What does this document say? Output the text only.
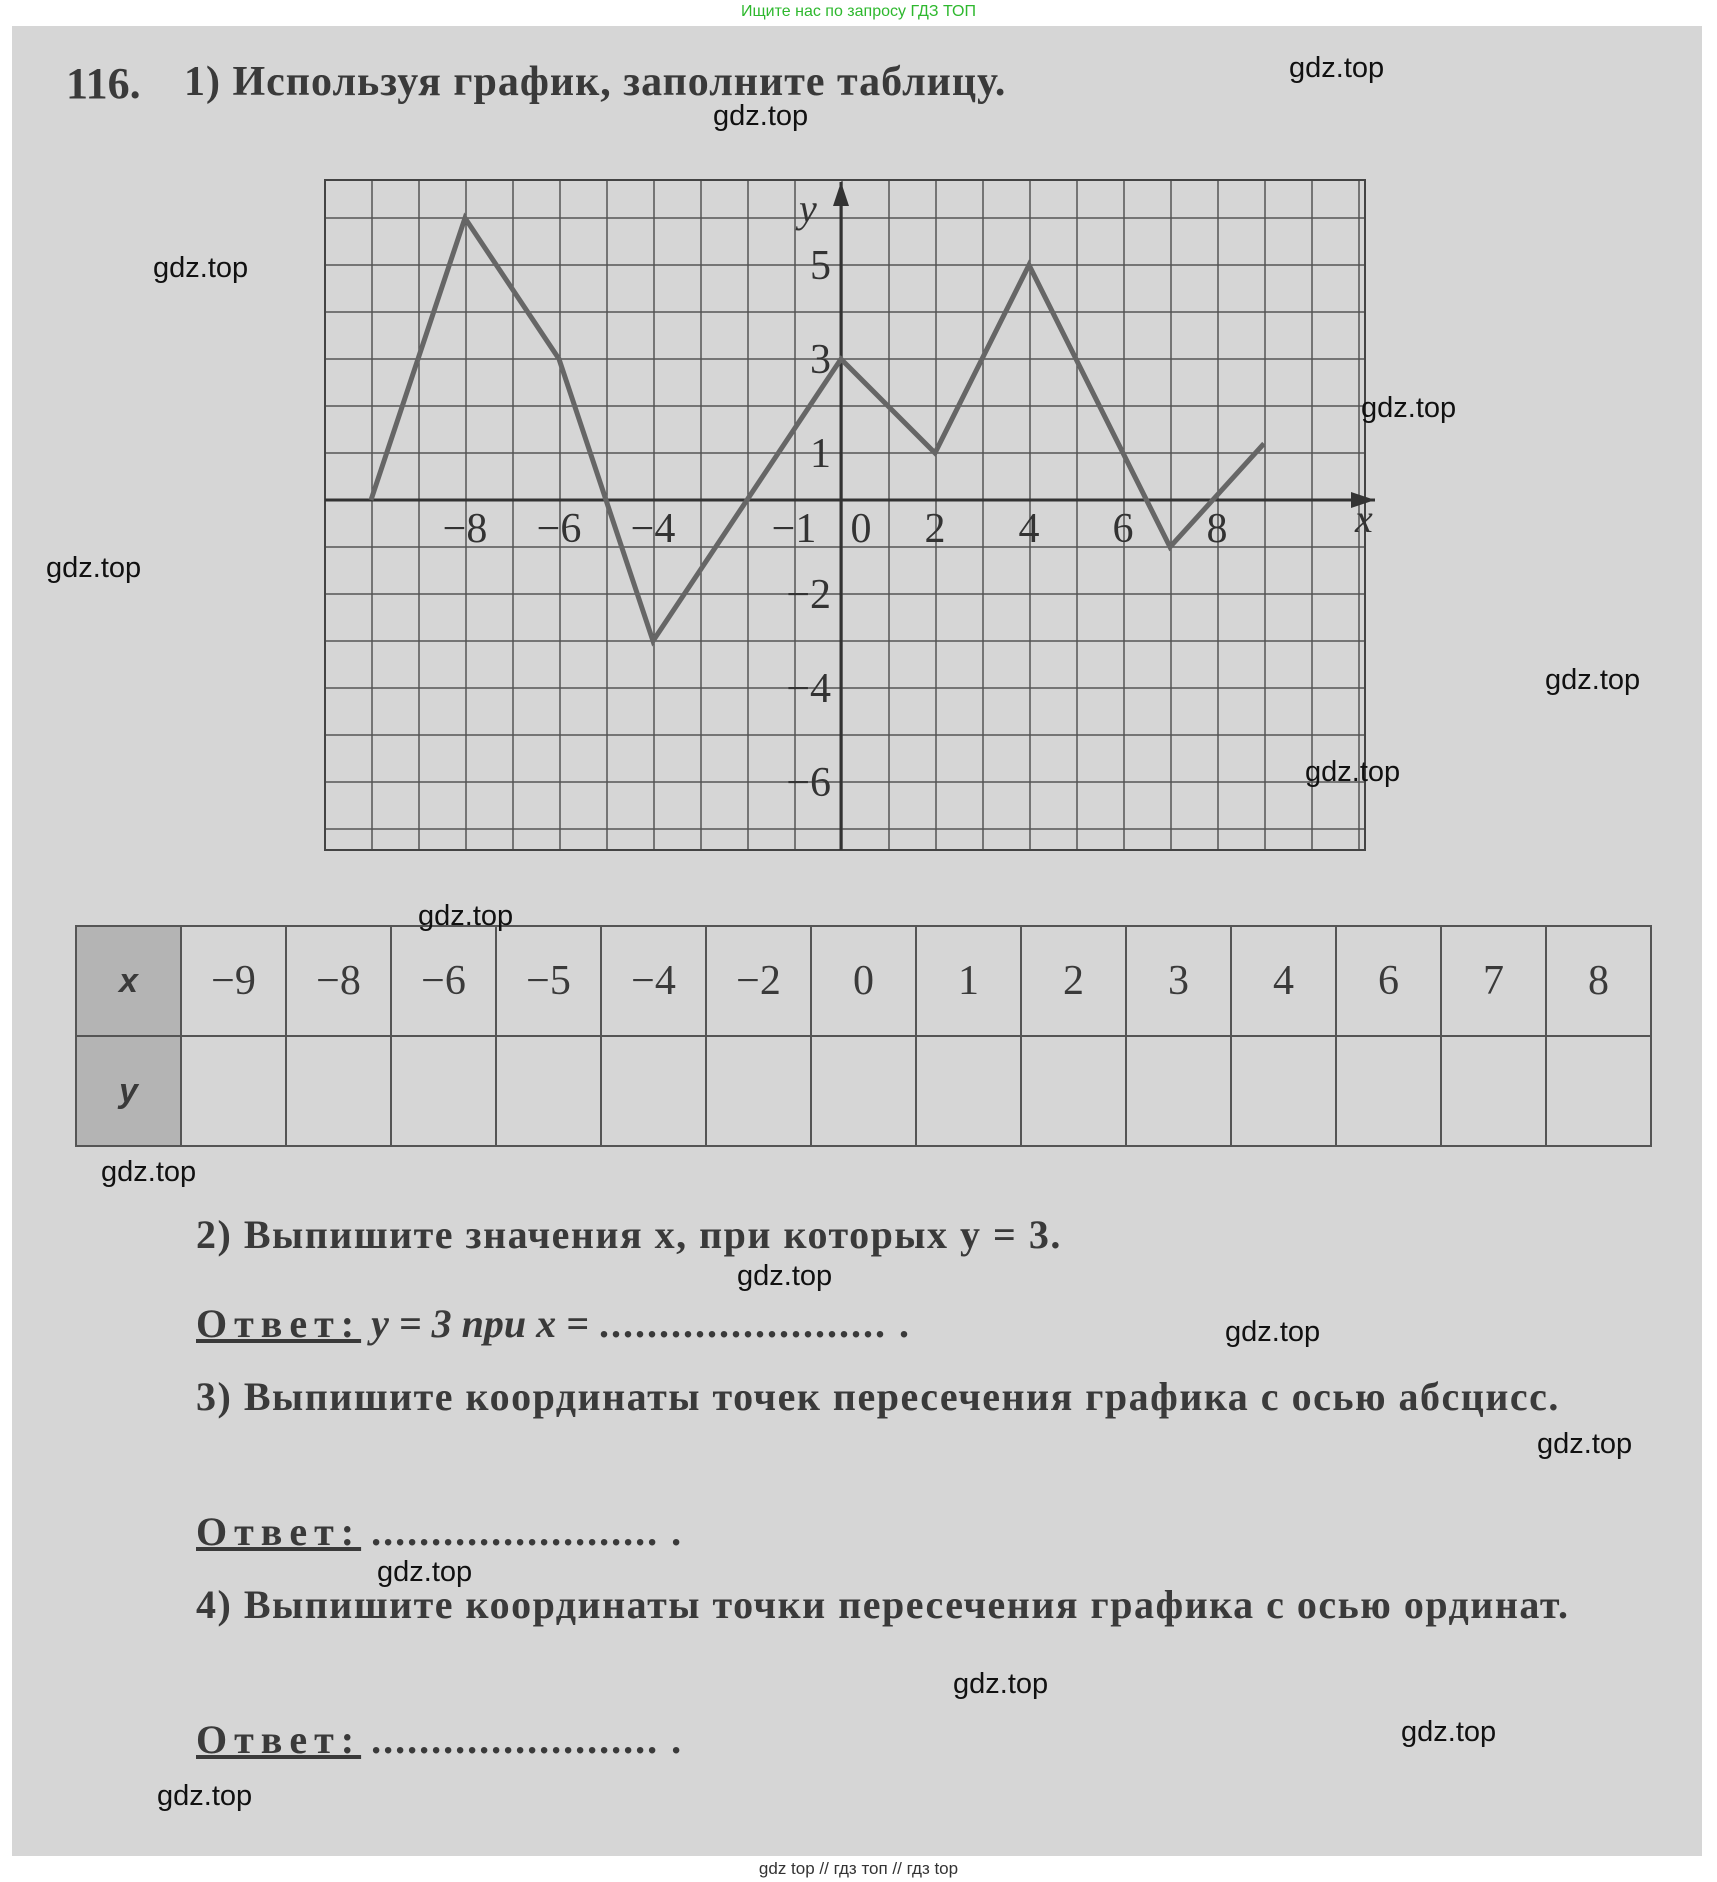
Ищите нас по запросу ГДЗ ТОП
116. 1) Используя график, заполните таблицу.
x
y
−8 −6 −4 −1 0 2 4 6 8
5
3
1
−2
−4
−6
x	−9	−8	−6	−5	−4	−2	0	1	2	3	4	6	7	8
y														
2) Выпишите значения x, при которых y = 3.
Ответ: y = 3 при x = ........................ .
3) Выпишите координаты точек пересечения графика с осью абсцисс.
Ответ: ........................ .
4) Выпишите координаты точки пересечения графика с осью ординат.
Ответ: ........................ .
gdz.top
gdz.top
gdz.top
gdz.top
gdz.top
gdz.top
gdz.top
gdz.top
gdz.top
gdz.top
gdz.top
gdz.top
gdz.top
gdz.top
gdz.top
gdz.top
gdz top // гдз топ // гдз top
